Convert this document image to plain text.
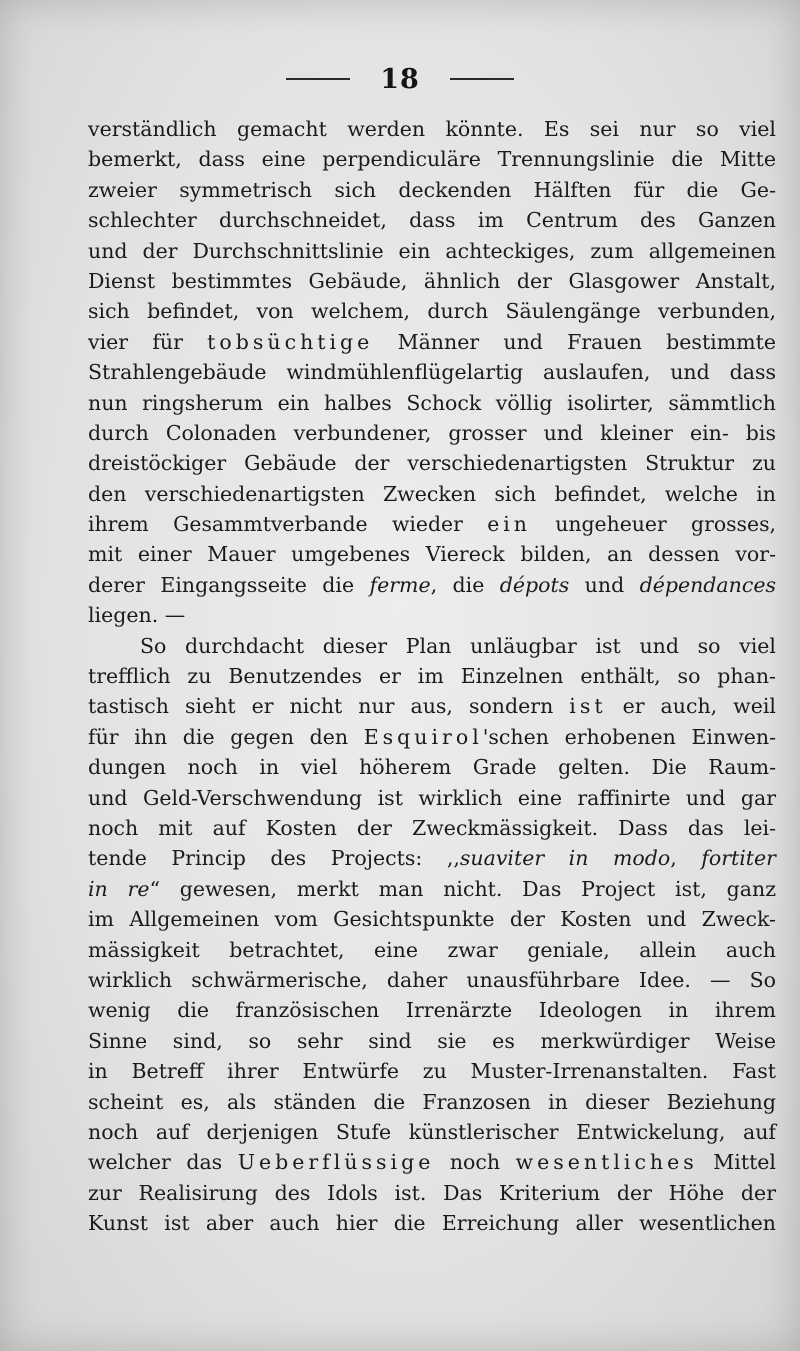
18
verständlich gemacht werden könnte. Es sei nur so viel
bemerkt, dass eine perpendiculäre Trennungslinie die Mitte
zweier symmetrisch sich deckenden Hälften für die Ge-
schlechter durchschneidet, dass im Centrum des Ganzen
und der Durchschnittslinie ein achteckiges, zum allgemeinen
Dienst bestimmtes Gebäude, ähnlich der Glasgower Anstalt,
sich befindet, von welchem, durch Säulengänge verbunden,
vier für tobsüchtige Männer und Frauen bestimmte
Strahlengebäude windmühlenflügelartig auslaufen, und dass
nun ringsherum ein halbes Schock völlig isolirter, sämmtlich
durch Colonaden verbundener, grosser und kleiner ein- bis
dreistöckiger Gebäude der verschiedenartigsten Struktur zu
den verschiedenartigsten Zwecken sich befindet, welche in
ihrem Gesammtverbande wieder ein ungeheuer grosses,
mit einer Mauer umgebenes Viereck bilden, an dessen vor-
derer Eingangsseite die ferme, die dépots und dépendances
liegen. —
So durchdacht dieser Plan unläugbar ist und so viel
trefflich zu Benutzendes er im Einzelnen enthält, so phan-
tastisch sieht er nicht nur aus, sondern ist er auch, weil
für ihn die gegen den Esquirol'schen erhobenen Einwen-
dungen noch in viel höherem Grade gelten. Die Raum-
und Geld-Verschwendung ist wirklich eine raffinirte und gar
noch mit auf Kosten der Zweckmässigkeit. Dass das lei-
tende Princip des Projects: ,,suaviter in modo, fortiter
in re“ gewesen, merkt man nicht. Das Project ist, ganz
im Allgemeinen vom Gesichtspunkte der Kosten und Zweck-
mässigkeit betrachtet, eine zwar geniale, allein auch
wirklich schwärmerische, daher unausführbare Idee. — So
wenig die französischen Irrenärzte Ideologen in ihrem
Sinne sind, so sehr sind sie es merkwürdiger Weise
in Betreff ihrer Entwürfe zu Muster-Irrenanstalten. Fast
scheint es, als ständen die Franzosen in dieser Beziehung
noch auf derjenigen Stufe künstlerischer Entwickelung, auf
welcher das Ueberflüssige noch wesentliches Mittel
zur Realisirung des Idols ist. Das Kriterium der Höhe der
Kunst ist aber auch hier die Erreichung aller wesentlichen
